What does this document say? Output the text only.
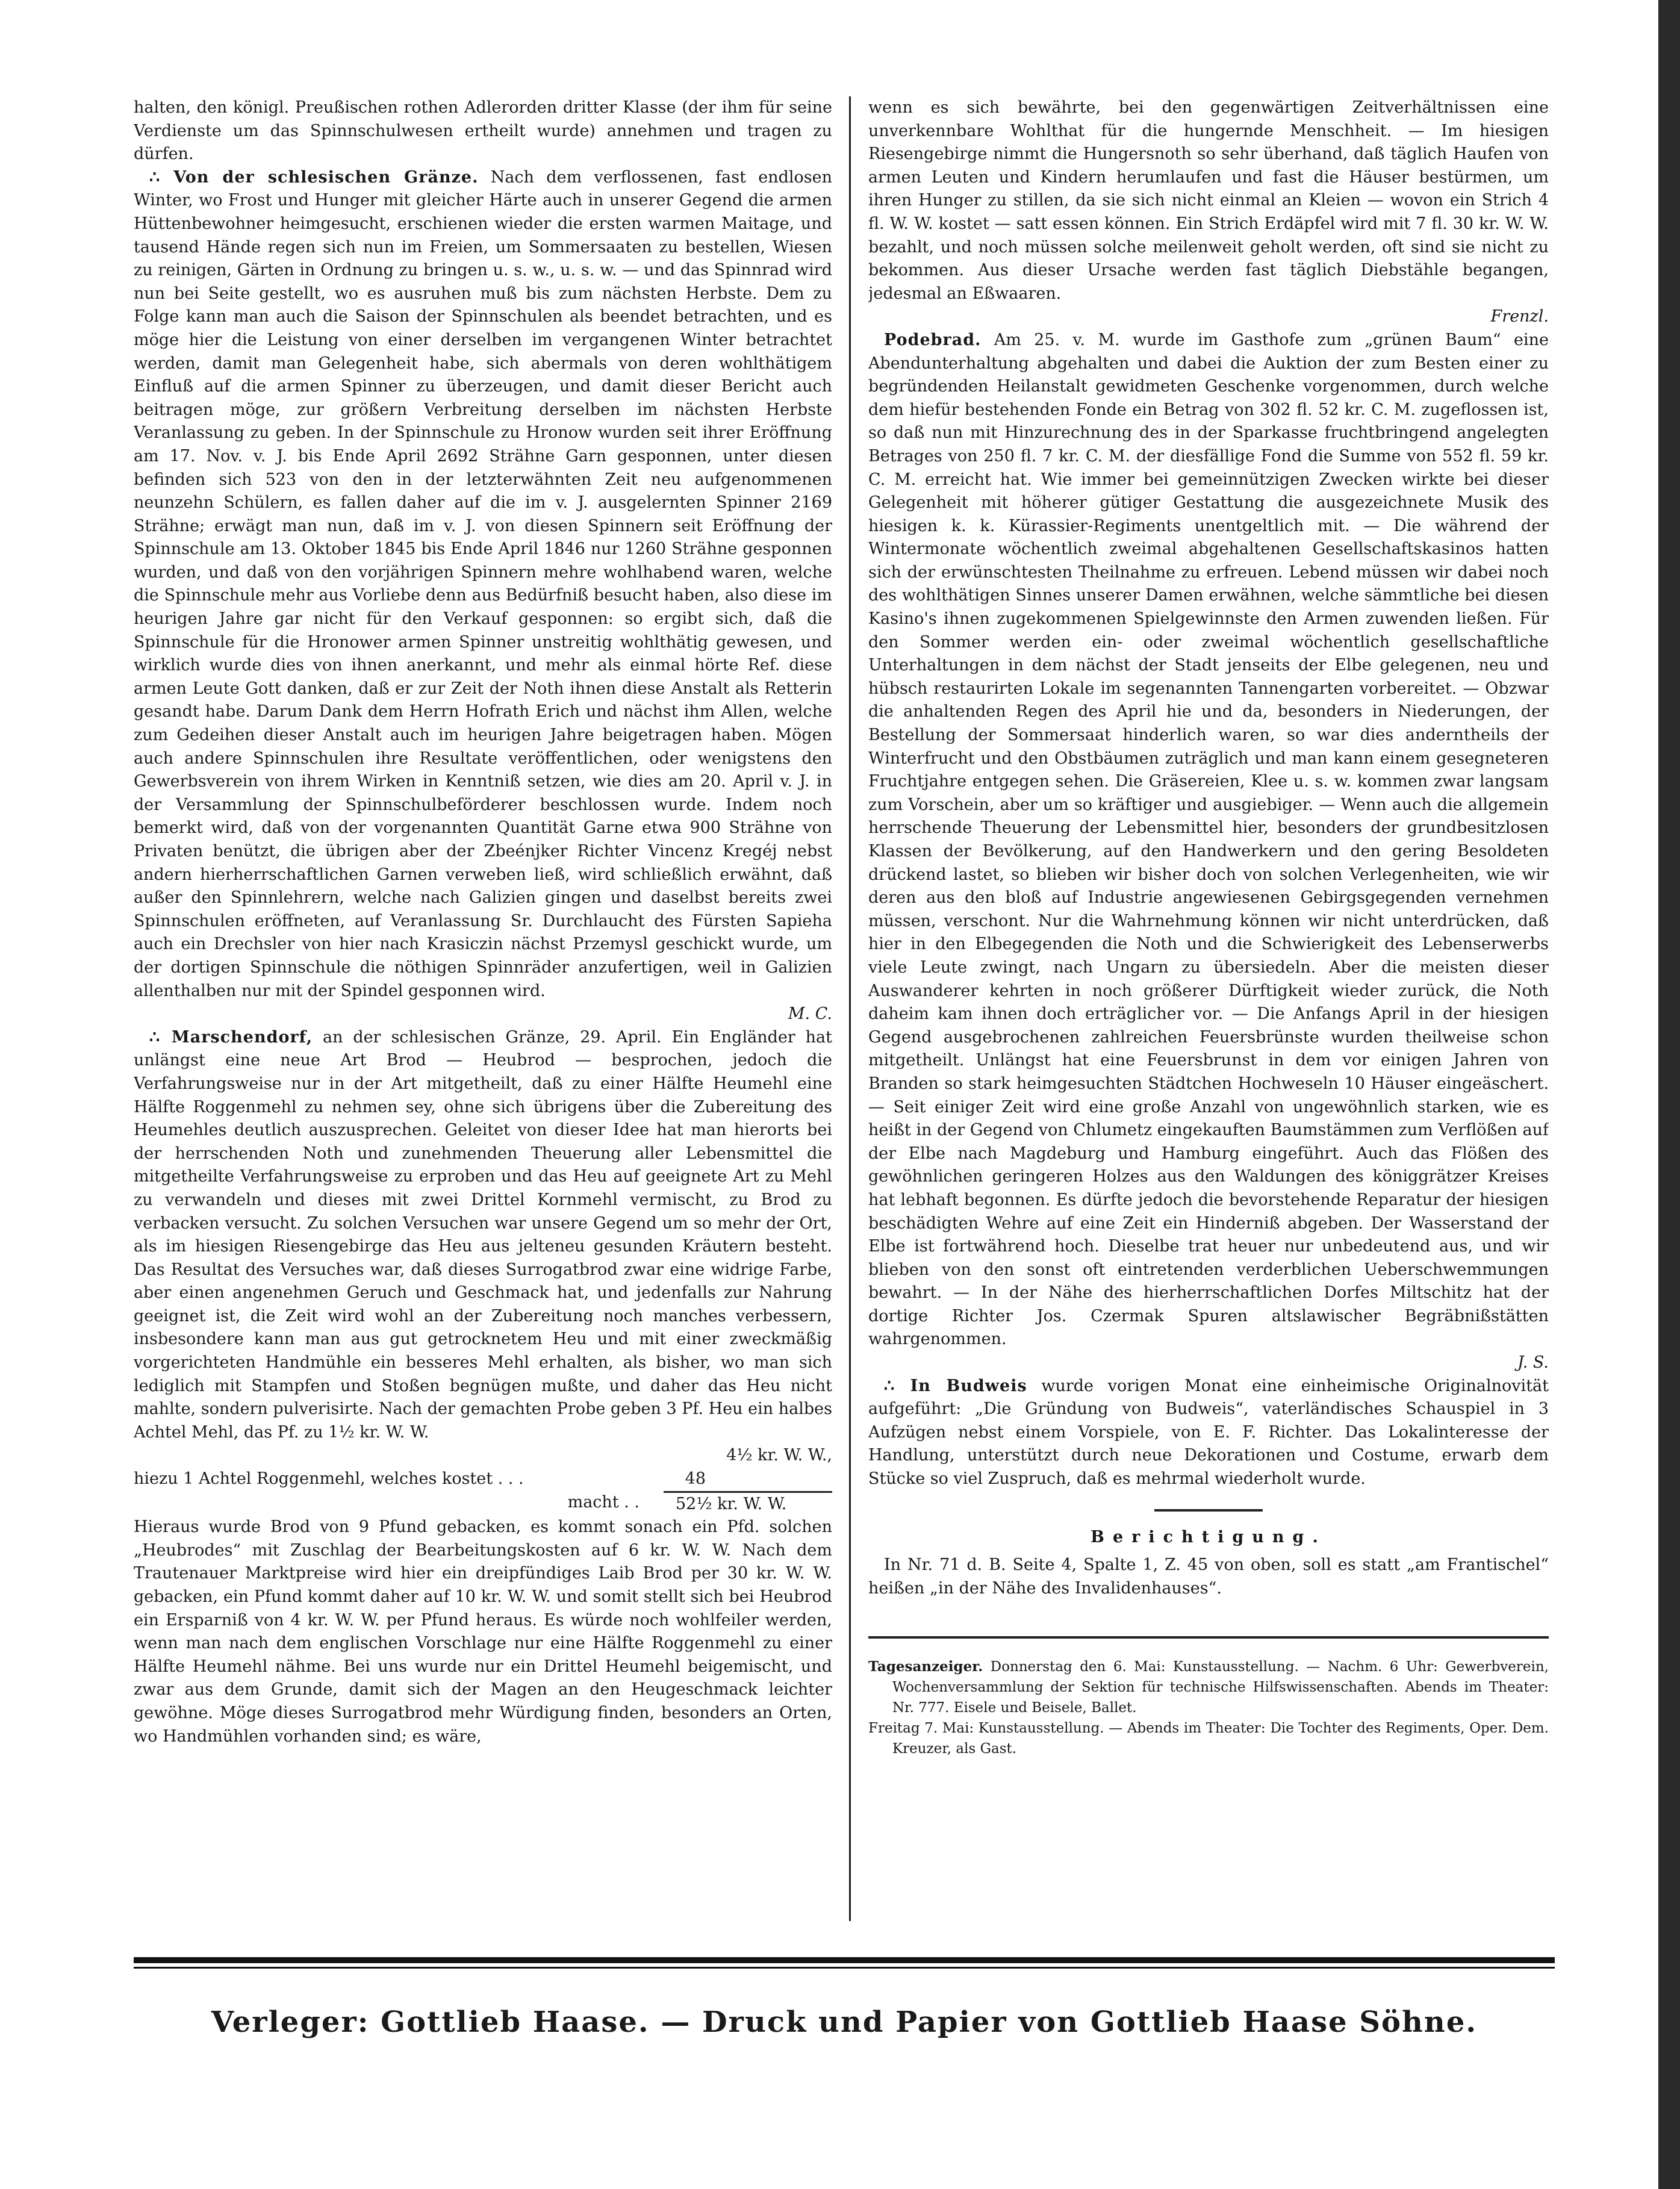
halten, den königl. Preußischen rothen Adlerorden dritter Klasse (der ihm für seine Verdienste um das Spinnschulwesen ertheilt wurde) annehmen und tragen zu dürfen.

∴ Von der schlesischen Gränze. Nach dem verflossenen, fast endlosen Winter, wo Frost und Hunger mit gleicher Härte auch in unserer Gegend die armen Hüttenbewohner heimgesucht, erschienen wieder die ersten warmen Maitage, und tausend Hände regen sich nun im Freien, um Sommersaaten zu bestellen, Wiesen zu reinigen, Gärten in Ordnung zu bringen u. s. w., u. s. w. — und das Spinnrad wird nun bei Seite gestellt, wo es ausruhen muß bis zum nächsten Herbste. Dem zu Folge kann man auch die Saison der Spinnschulen als beendet betrachten, und es möge hier die Leistung von einer derselben im vergangenen Winter betrachtet werden, damit man Gelegenheit habe, sich abermals von deren wohlthätigem Einfluß auf die armen Spinner zu überzeugen, und damit dieser Bericht auch beitragen möge, zur größern Verbreitung derselben im nächsten Herbste Veranlassung zu geben. In der Spinnschule zu Hronow wurden seit ihrer Eröffnung am 17. Nov. v. J. bis Ende April 2692 Strähne Garn gesponnen, unter diesen befinden sich 523 von den in der letzterwähnten Zeit neu aufgenommenen neunzehn Schülern, es fallen daher auf die im v. J. ausgelernten Spinner 2169 Strähne; erwägt man nun, daß im v. J. von diesen Spinnern seit Eröffnung der Spinnschule am 13. Oktober 1845 bis Ende April 1846 nur 1260 Strähne gesponnen wurden, und daß von den vorjährigen Spinnern mehre wohlhabend waren, welche die Spinnschule mehr aus Vorliebe denn aus Bedürfniß besucht haben, also diese im heurigen Jahre gar nicht für den Verkauf gesponnen: so ergibt sich, daß die Spinnschule für die Hronower armen Spinner unstreitig wohlthätig gewesen, und wirklich wurde dies von ihnen anerkannt, und mehr als einmal hörte Ref. diese armen Leute Gott danken, daß er zur Zeit der Noth ihnen diese Anstalt als Retterin gesandt habe. Darum Dank dem Herrn Hofrath Erich und nächst ihm Allen, welche zum Gedeihen dieser Anstalt auch im heurigen Jahre beigetragen haben. Mögen auch andere Spinnschulen ihre Resultate veröffentlichen, oder wenigstens den Gewerbsverein von ihrem Wirken in Kenntniß setzen, wie dies am 20. April v. J. in der Versammlung der Spinnschulbeförderer beschlossen wurde. Indem noch bemerkt wird, daß von der vorgenannten Quantität Garne etwa 900 Strähne von Privaten benützt, die übrigen aber der Zbeénjker Richter Vincenz Kregéj nebst andern hierherrschaftlichen Garnen verweben ließ, wird schließlich erwähnt, daß außer den Spinnlehrern, welche nach Galizien gingen und daselbst bereits zwei Spinnschulen eröffneten, auf Veranlassung Sr. Durchlaucht des Fürsten Sapieha auch ein Drechsler von hier nach Krasiczin nächst Przemysl geschickt wurde, um der dortigen Spinnschule die nöthigen Spinnräder anzufertigen, weil in Galizien allenthalben nur mit der Spindel gesponnen wird.
M. C.

∴ Marschendorf, an der schlesischen Gränze, 29. April. Ein Engländer hat unlängst eine neue Art Brod — Heubrod — besprochen, jedoch die Verfahrungsweise nur in der Art mitgetheilt, daß zu einer Hälfte Heumehl eine Hälfte Roggenmehl zu nehmen sey, ohne sich übrigens über die Zubereitung des Heumehles deutlich auszusprechen. Geleitet von dieser Idee hat man hierorts bei der herrschenden Noth und zunehmenden Theuerung aller Lebensmittel die mitgetheilte Verfahrungsweise zu erproben und das Heu auf geeignete Art zu Mehl zu verwandeln und dieses mit zwei Drittel Kornmehl vermischt, zu Brod zu verbacken versucht. Zu solchen Versuchen war unsere Gegend um so mehr der Ort, als im hiesigen Riesengebirge das Heu aus jelteneu gesunden Kräutern besteht. Das Resultat des Versuches war, daß dieses Surrogatbrod zwar eine widrige Farbe, aber einen angenehmen Geruch und Geschmack hat, und jedenfalls zur Nahrung geeignet ist, die Zeit wird wohl an der Zubereitung noch manches verbessern, insbesondere kann man aus gut getrocknetem Heu und mit einer zweckmäßig vorgerichteten Handmühle ein besseres Mehl erhalten, als bisher, wo man sich lediglich mit Stampfen und Stoßen begnügen mußte, und daher das Heu nicht mahlte, sondern pulverisirte. Nach der gemachten Probe geben 3 Pf. Heu ein halbes Achtel Mehl, das Pf. zu 1½ kr. W. W.

4½ kr. W. W.,
hiezu 1 Achtel Roggenmehl, welches kostet . . .	48
macht . .	52½ kr. W. W.

Hieraus wurde Brod von 9 Pfund gebacken, es kommt sonach ein Pfd. solchen „Heubrodes“ mit Zuschlag der Bearbeitungskosten auf 6 kr. W. W. Nach dem Trautenauer Marktpreise wird hier ein dreipfündiges Laib Brod per 30 kr. W. W. gebacken, ein Pfund kommt daher auf 10 kr. W. W. und somit stellt sich bei Heubrod ein Ersparniß von 4 kr. W. W. per Pfund heraus. Es würde noch wohlfeiler werden, wenn man nach dem englischen Vorschlage nur eine Hälfte Roggenmehl zu einer Hälfte Heumehl nähme. Bei uns wurde nur ein Drittel Heumehl beigemischt, und zwar aus dem Grunde, damit sich der Magen an den Heugeschmack leichter gewöhne. Möge dieses Surrogatbrod mehr Würdigung finden, besonders an Orten, wo Handmühlen vorhanden sind; es wäre,

wenn es sich bewährte, bei den gegenwärtigen Zeitverhältnissen eine unverkennbare Wohlthat für die hungernde Menschheit. — Im hiesigen Riesengebirge nimmt die Hungersnoth so sehr überhand, daß täglich Haufen von armen Leuten und Kindern herumlaufen und fast die Häuser bestürmen, um ihren Hunger zu stillen, da sie sich nicht einmal an Kleien — wovon ein Strich 4 fl. W. W. kostet — satt essen können. Ein Strich Erdäpfel wird mit 7 fl. 30 kr. W. W. bezahlt, und noch müssen solche meilenweit geholt werden, oft sind sie nicht zu bekommen. Aus dieser Ursache werden fast täglich Diebstähle begangen, jedesmal an Eßwaaren.
Frenzl.

Podebrad. Am 25. v. M. wurde im Gasthofe zum „grünen Baum“ eine Abendunterhaltung abgehalten und dabei die Auktion der zum Besten einer zu begründenden Heilanstalt gewidmeten Geschenke vorgenommen, durch welche dem hiefür bestehenden Fonde ein Betrag von 302 fl. 52 kr. C. M. zugeflossen ist, so daß nun mit Hinzurechnung des in der Sparkasse fruchtbringend angelegten Betrages von 250 fl. 7 kr. C. M. der diesfällige Fond die Summe von 552 fl. 59 kr. C. M. erreicht hat. Wie immer bei gemeinnützigen Zwecken wirkte bei dieser Gelegenheit mit höherer gütiger Gestattung die ausgezeichnete Musik des hiesigen k. k. Kürassier-Regiments unentgeltlich mit. — Die während der Wintermonate wöchentlich zweimal abgehaltenen Gesellschaftskasinos hatten sich der erwünschtesten Theilnahme zu erfreuen. Lebend müssen wir dabei noch des wohlthätigen Sinnes unserer Damen erwähnen, welche sämmtliche bei diesen Kasino's ihnen zugekommenen Spielgewinnste den Armen zuwenden ließen. Für den Sommer werden ein- oder zweimal wöchentlich gesellschaftliche Unterhaltungen in dem nächst der Stadt jenseits der Elbe gelegenen, neu und hübsch restaurirten Lokale im segenannten Tannengarten vorbereitet. — Obzwar die anhaltenden Regen des April hie und da, besonders in Niederungen, der Bestellung der Sommersaat hinderlich waren, so war dies anderntheils der Winterfrucht und den Obstbäumen zuträglich und man kann einem gesegneteren Fruchtjahre entgegen sehen. Die Gräsereien, Klee u. s. w. kommen zwar langsam zum Vorschein, aber um so kräftiger und ausgiebiger. — Wenn auch die allgemein herrschende Theuerung der Lebensmittel hier, besonders der grundbesitzlosen Klassen der Bevölkerung, auf den Handwerkern und den gering Besoldeten drückend lastet, so blieben wir bisher doch von solchen Verlegenheiten, wie wir deren aus den bloß auf Industrie angewiesenen Gebirgsgegenden vernehmen müssen, verschont. Nur die Wahrnehmung können wir nicht unterdrücken, daß hier in den Elbegegenden die Noth und die Schwierigkeit des Lebenserwerbs viele Leute zwingt, nach Ungarn zu übersiedeln. Aber die meisten dieser Auswanderer kehrten in noch größerer Dürftigkeit wieder zurück, die Noth daheim kam ihnen doch erträglicher vor. — Die Anfangs April in der hiesigen Gegend ausgebrochenen zahlreichen Feuersbrünste wurden theilweise schon mitgetheilt. Unlängst hat eine Feuersbrunst in dem vor einigen Jahren von Branden so stark heimgesuchten Städtchen Hochweseln 10 Häuser eingeäschert. — Seit einiger Zeit wird eine große Anzahl von ungewöhnlich starken, wie es heißt in der Gegend von Chlumetz eingekauften Baumstämmen zum Verflößen auf der Elbe nach Magdeburg und Hamburg eingeführt. Auch das Flößen des gewöhnlichen geringeren Holzes aus den Waldungen des königgrätzer Kreises hat lebhaft begonnen. Es dürfte jedoch die bevorstehende Reparatur der hiesigen beschädigten Wehre auf eine Zeit ein Hinderniß abgeben. Der Wasserstand der Elbe ist fortwährend hoch. Dieselbe trat heuer nur unbedeutend aus, und wir blieben von den sonst oft eintretenden verderblichen Ueberschwemmungen bewahrt. — In der Nähe des hierherrschaftlichen Dorfes Miltschitz hat der dortige Richter Jos. Czermak Spuren altslawischer Begräbnißstätten wahrgenommen.
J. S.

∴ In Budweis wurde vorigen Monat eine einheimische Originalnovität aufgeführt: „Die Gründung von Budweis“, vaterländisches Schauspiel in 3 Aufzügen nebst einem Vorspiele, von E. F. Richter. Das Lokalinteresse der Handlung, unterstützt durch neue Dekorationen und Costume, erwarb dem Stücke so viel Zuspruch, daß es mehrmal wiederholt wurde.

Berichtigung.

In Nr. 71 d. B. Seite 4, Spalte 1, Z. 45 von oben, soll es statt „am Frantischel“ heißen „in der Nähe des Invalidenhauses“.

Tagesanzeiger. Donnerstag den 6. Mai: Kunstausstellung. — Nachm. 6 Uhr: Gewerbverein, Wochenversammlung der Sektion für technische Hilfswissenschaften. Abends im Theater: Nr. 777. Eisele und Beisele, Ballet.

Freitag 7. Mai: Kunstausstellung. — Abends im Theater: Die Tochter des Regiments, Oper. Dem. Kreuzer, als Gast.

Verleger: Gottlieb Haase. — Druck und Papier von Gottlieb Haase Söhne.
